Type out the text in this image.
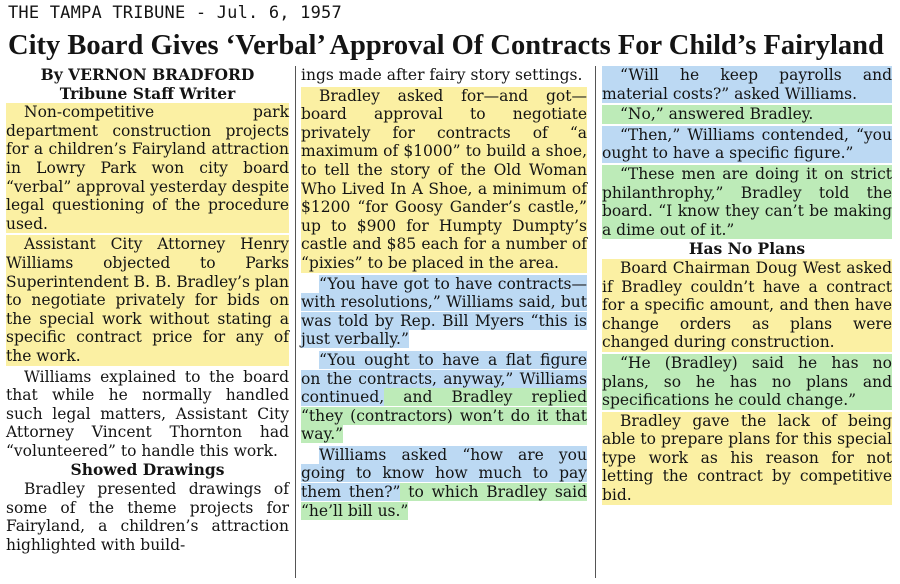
THE TAMPA TRIBUNE - Jul. 6, 1957
City Board Gives ‘Verbal’ Approval Of Contracts For Child’s Fairyland

By VERNON BRADFORD

Tribune Staff Writer

Non-competitive park department construction projects for a children’s Fairyland attraction in Lowry Park won city board “verbal” approval yesterday despite legal questioning of the procedure used.

Assistant City Attorney Henry Williams objected to Parks Superintendent B. B. Bradley’s plan to negotiate privately for bids on the special work without stating a specific contract price for any of the work.

Williams explained to the board that while he normally handled such legal matters, Assistant City Attorney Vincent Thornton had “volunteered” to handle this work.

Showed Drawings

Bradley presented drawings of some of the theme projects for Fairyland, a children’s attraction highlighted with build-

ings made after fairy story settings.

Bradley asked for—and got—board approval to negotiate privately for contracts of “a maximum of $1000” to build a shoe, to tell the story of the Old Woman Who Lived In A Shoe, a minimum of $1200 “for Goosy Gander’s castle,” up to $900 for Humpty Dumpty’s castle and $85 each for a number of “pixies” to be placed in the area.

“You have got to have contracts—with resolutions,” Williams said, but was told by Rep. Bill Myers “this is just verbally.”

“You ought to have a flat figure on the contracts, anyway,” Williams continued, and Bradley replied “they (contractors) won’t do it that way.”

Williams asked “how are you going to know how much to pay them then?” to which Bradley said “he’ll bill us.”

“Will he keep payrolls and material costs?” asked Williams.

“No,” answered Bradley.

“Then,” Williams contended, “you ought to have a specific figure.”

“These men are doing it on strict philanthrophy,” Bradley told the board. “I know they can’t be making a dime out of it.”

Has No Plans

Board Chairman Doug West asked if Bradley couldn’t have a contract for a specific amount, and then have change orders as plans were changed during construction.

“He (Bradley) said he has no plans, so he has no plans and specifications he could change.”

Bradley gave the lack of being able to prepare plans for this special type work as his reason for not letting the contract by competitive bid.
